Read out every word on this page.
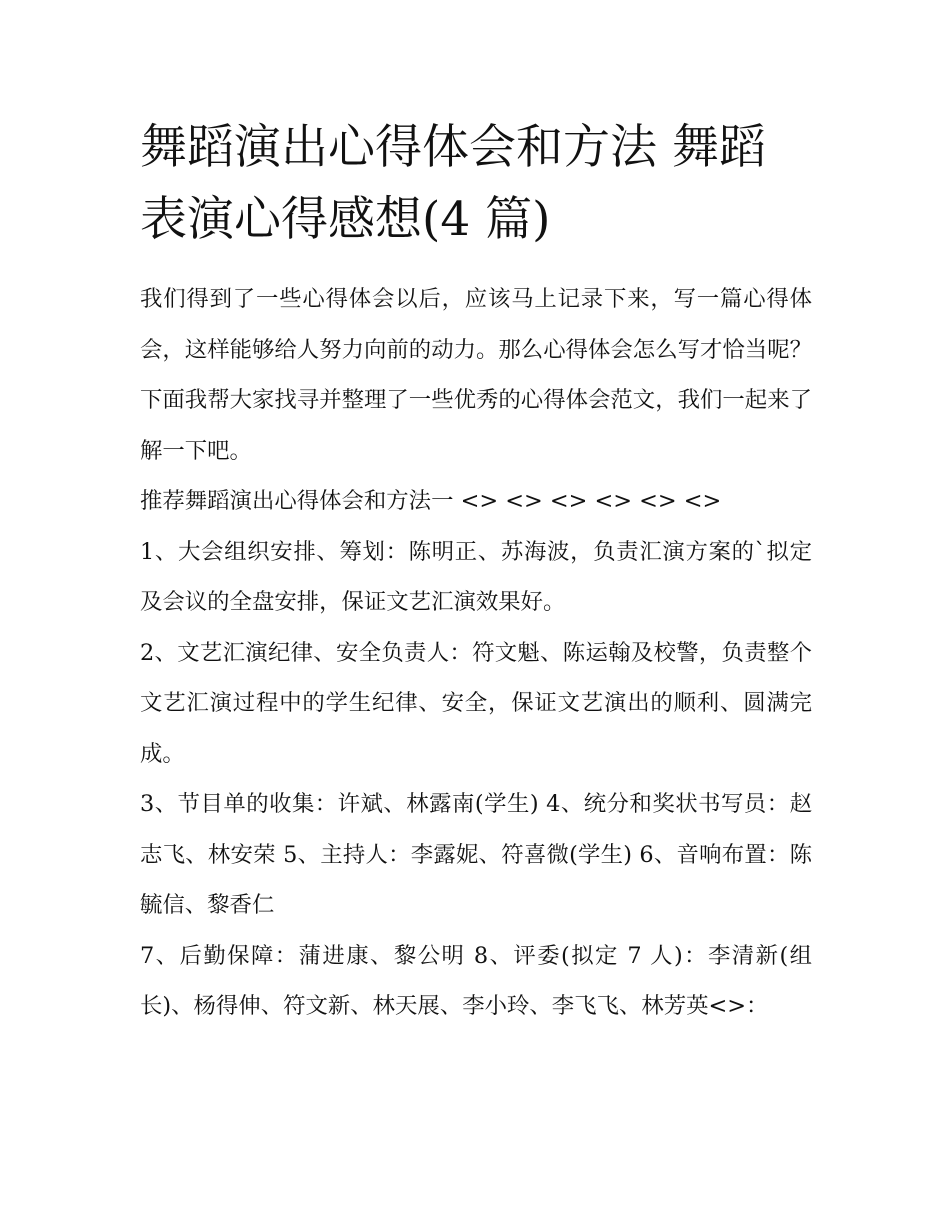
舞蹈演出心得体会和方法 舞蹈表演心得感想(4 篇)

我们得到了一些心得体会以后，应该马上记录下来，写一篇心得体会，这样能够给人努力向前的动力。那么心得体会怎么写才恰当呢？下面我帮大家找寻并整理了一些优秀的心得体会范文，我们一起来了解一下吧。

推荐舞蹈演出心得体会和方法一 <> <> <> <> <> <>

1、大会组织安排、筹划：陈明正、苏海波，负责汇演方案的`拟定及会议的全盘安排，保证文艺汇演效果好。

2、文艺汇演纪律、安全负责人：符文魁、陈运翰及校警，负责整个文艺汇演过程中的学生纪律、安全，保证文艺演出的顺利、圆满完成。

3、节目单的收集：许斌、林露南(学生) 4、统分和奖状书写员：赵志飞、林安荣 5、主持人：李露妮、符喜微(学生) 6、音响布置：陈毓信、黎香仁

7、后勤保障：蒲进康、黎公明 8、评委(拟定 7 人)：李清新(组长)、杨得伸、符文新、林天展、李小玲、李飞飞、林芳英<>：
